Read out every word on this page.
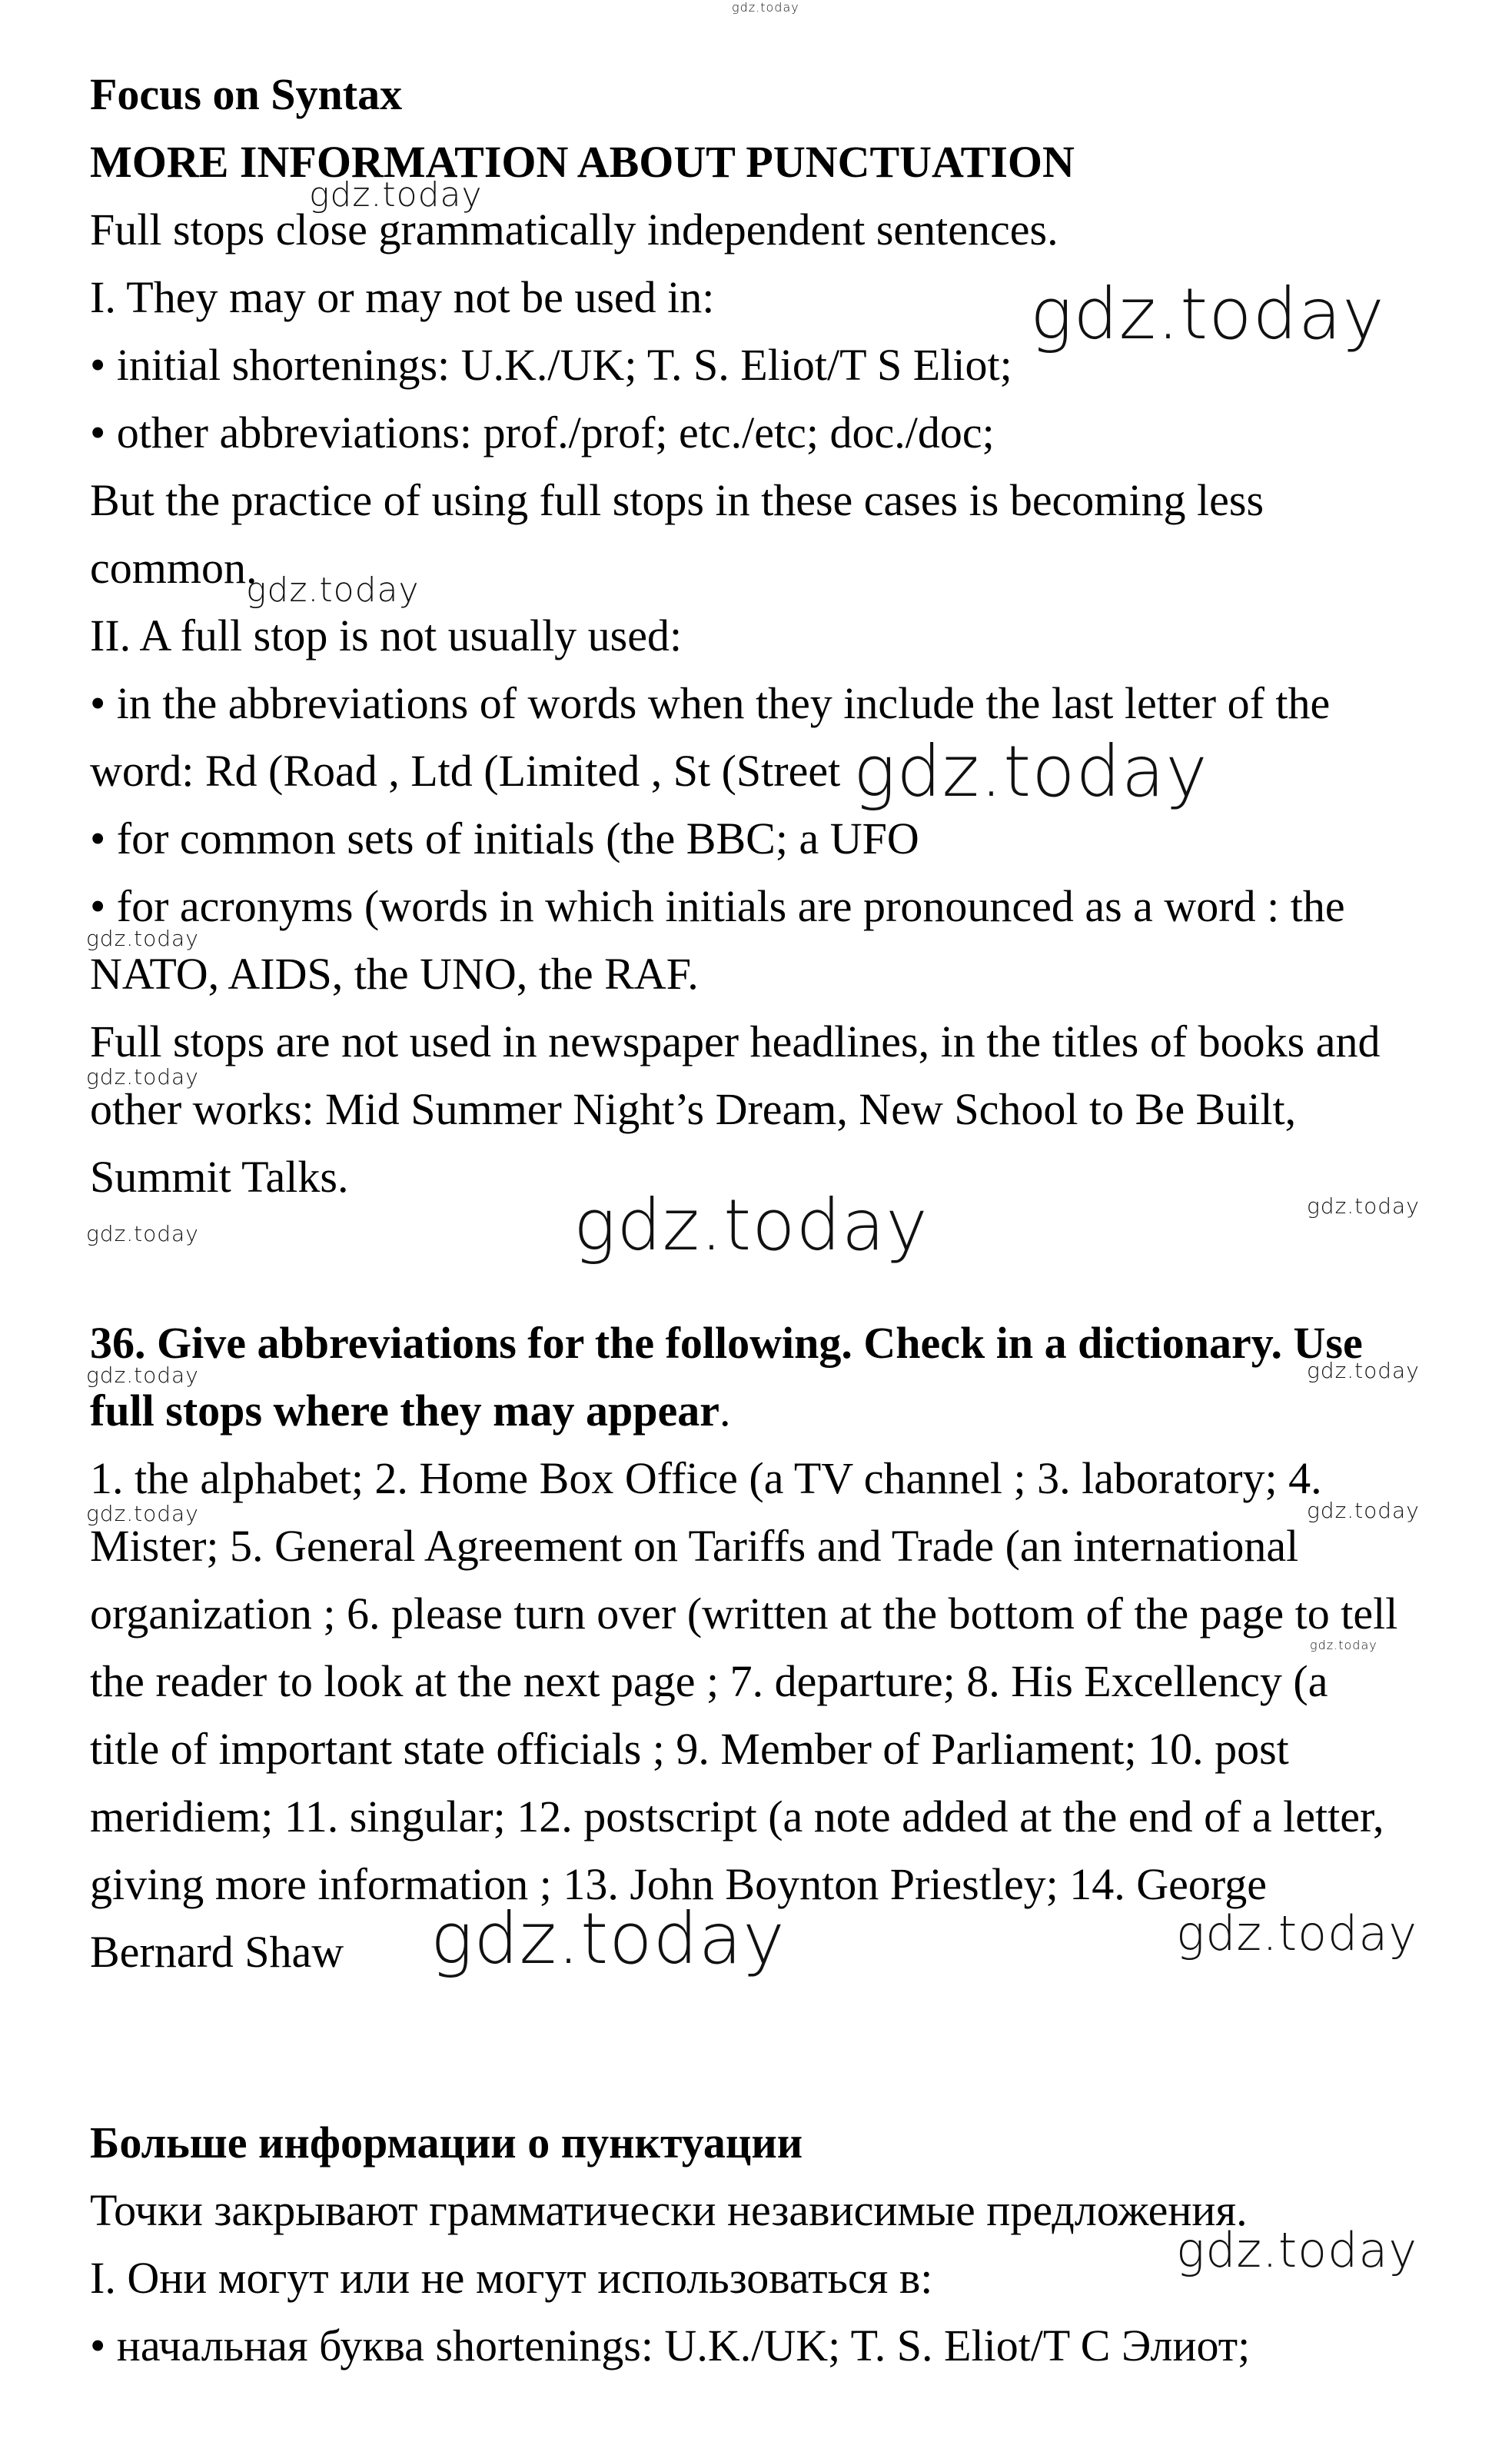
Focus on Syntax
MORE INFORMATION ABOUT PUNCTUATION
Full stops close grammatically independent sentences.
I. They may or may not be used in:
• initial shortenings: U.K./UK; T. S. Eliot/T S Eliot;
• other abbreviations: prof./prof; etc./etc; doc./doc;
But the practice of using full stops in these cases is becoming less
common.
II. A full stop is not usually used:
• in the abbreviations of words when they include the last letter of the
word: Rd (Road , Ltd (Limited , St (Street
• for common sets of initials (the BBC; a UFO
• for acronyms (words in which initials are pronounced as a word : the
NATO, AIDS, the UNO, the RAF.
Full stops are not used in newspaper headlines, in the titles of books and
other works: Mid Summer Night’s Dream, New School to Be Built,
Summit Talks.
36. Give abbreviations for the following. Check in a dictionary. Use
full stops where they may appear.
1. the alphabet; 2. Home Box Office (a TV channel ; 3. laboratory; 4.
Mister; 5. General Agreement on Tariffs and Trade (an international
organization ; 6. please turn over (written at the bottom of the page to tell
the reader to look at the next page ; 7. departure; 8. His Excellency (a
title of important state officials ; 9. Member of Parliament; 10. post
meridiem; 11. singular; 12. postscript (a note added at the end of a letter,
giving more information ; 13. John Boynton Priestley; 14. George
Bernard Shaw
Больше информации о пунктуации
Точки закрывают грамматически независимые предложения.
I. Они могут или не могут использоваться в:
• начальная буква shortenings: U.K./UK; T. S. Eliot/T С Элиот;
gdz.today
gdz.today
gdz.today
gdz.today
gdz.today
gdz.today
gdz.today
gdz.today	gdz.today
gdz.today
gdz.today	gdz.today
gdz.today	gdz.today
gdz.today
gdz.today	gdz.today
gdz.today
